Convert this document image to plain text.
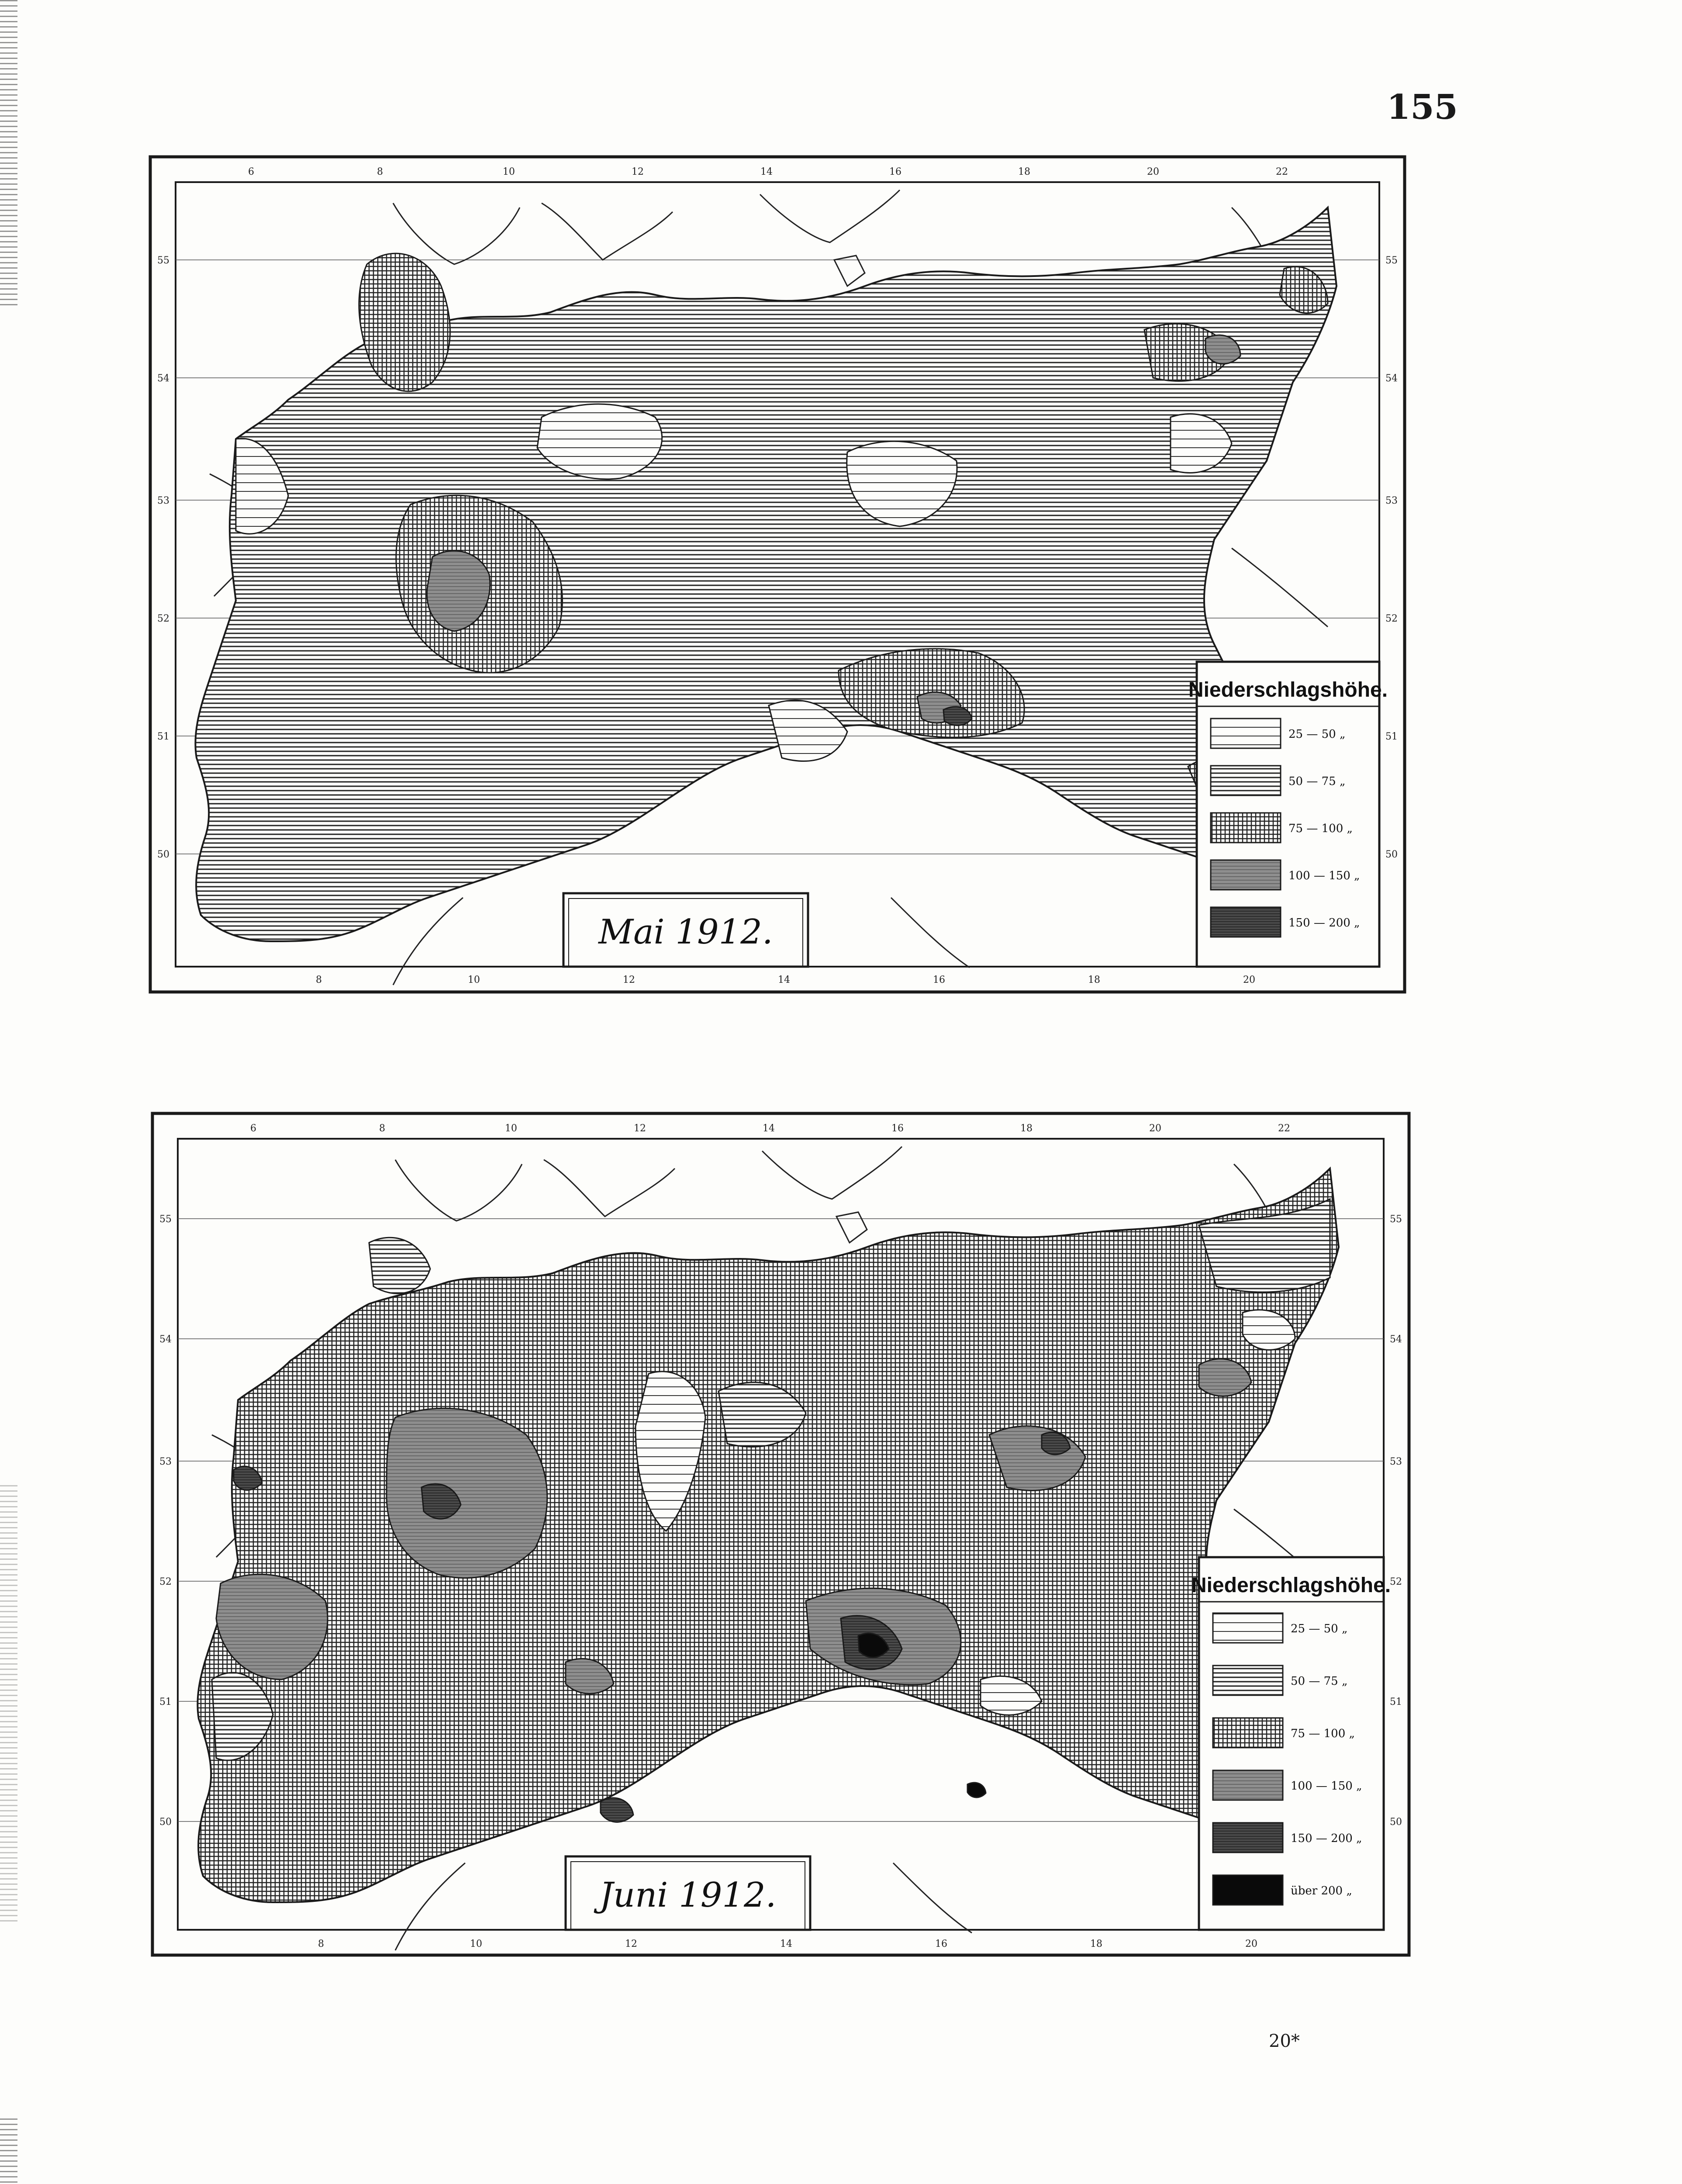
155
6	8	10	12	14	16	18	20	22
8	10	12	14	16	18	20
55
54
53
52
51
50
55
54
53
52
51
50
Mai 1912.
Niederschlagshöhe.
25 — 50 „
50 — 75 „
75 — 100 „
100 — 150 „
150 — 200 „
6	8	10	12	14	16	18	20	22
8	10	12	14	16	18	20
55
54
53
52
51
50
55
54
53
52
51
50
Juni 1912.
Niederschlagshöhe.
25 — 50 „
50 — 75 „
75 — 100 „
100 — 150 „
150 — 200 „
über 200 „
20*
